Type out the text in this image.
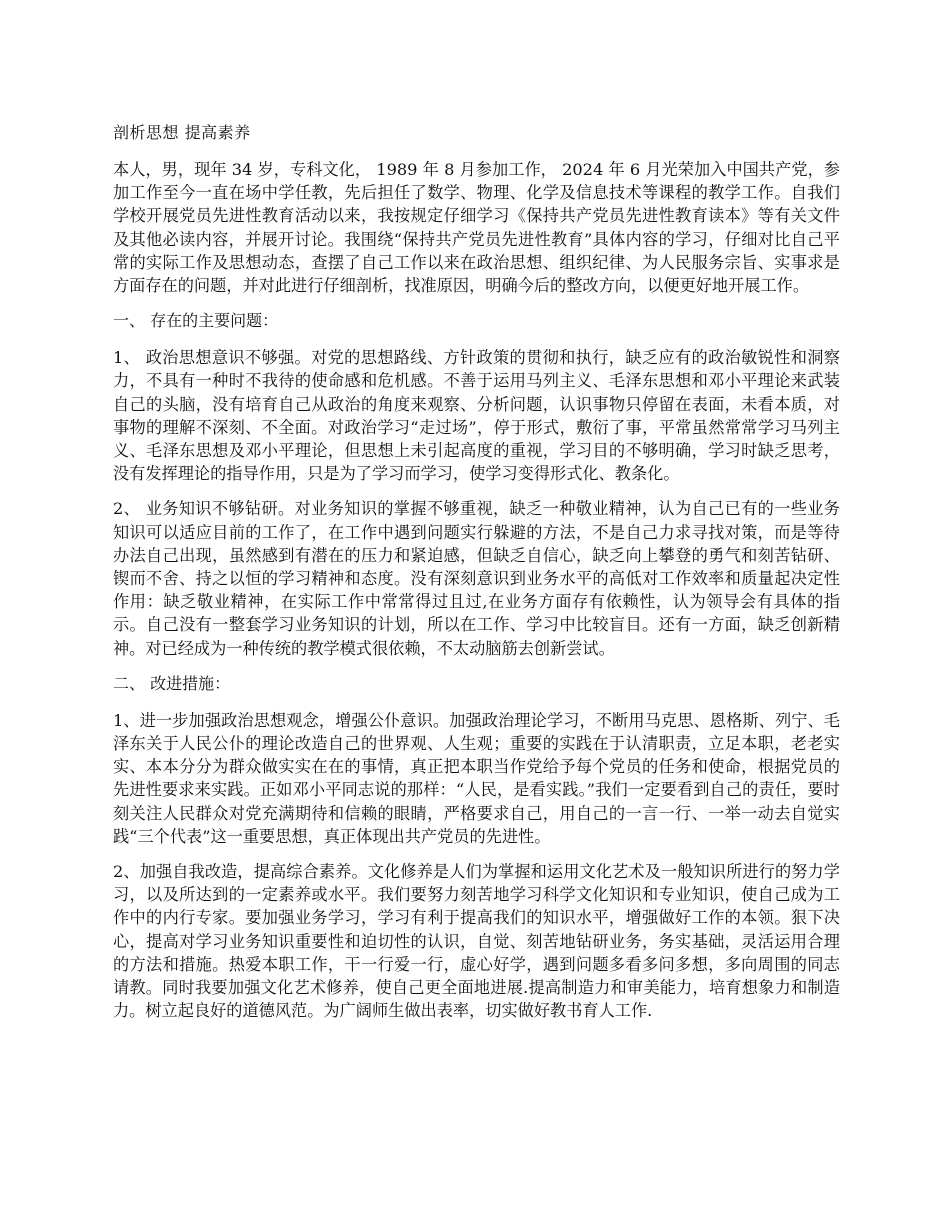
剖析思想 提高素养

本人，男，现年 34 岁，专科文化， 1989 年 8 月参加工作， 2024 年 6 月光荣加入中国共产党，参加工作至今一直在场中学任教，先后担任了数学、物理、化学及信息技术等课程的教学工作。自我们学校开展党员先进性教育活动以来，我按规定仔细学习《保持共产党员先进性教育读本》等有关文件及其他必读内容，并展开讨论。我围绕“保持共产党员先进性教育”具体内容的学习，仔细对比自己平常的实际工作及思想动态，查摆了自己工作以来在政治思想、组织纪律、为人民服务宗旨、实事求是方面存在的问题，并对此进行仔细剖析，找准原因，明确今后的整改方向，以便更好地开展工作。

一、 存在的主要问题：

1、 政治思想意识不够强。对党的思想路线、方针政策的贯彻和执行，缺乏应有的政治敏锐性和洞察力，不具有一种时不我待的使命感和危机感。不善于运用马列主义、毛泽东思想和邓小平理论来武装自己的头脑，没有培育自己从政治的角度来观察、分析问题，认识事物只停留在表面，未看本质，对事物的理解不深刻、不全面。对政治学习“走过场”，停于形式，敷衍了事，平常虽然常常学习马列主义、毛泽东思想及邓小平理论，但思想上未引起高度的重视，学习目的不够明确，学习时缺乏思考，没有发挥理论的指导作用，只是为了学习而学习，使学习变得形式化、教条化。

2、 业务知识不够钻研。对业务知识的掌握不够重视，缺乏一种敬业精神，认为自己已有的一些业务知识可以适应目前的工作了，在工作中遇到问题实行躲避的方法，不是自己力求寻找对策，而是等待办法自己出现，虽然感到有潜在的压力和紧迫感，但缺乏自信心，缺乏向上攀登的勇气和刻苦钻研、锲而不舍、持之以恒的学习精神和态度。没有深刻意识到业务水平的高低对工作效率和质量起决定性作用：缺乏敬业精神，在实际工作中常常得过且过,在业务方面存有依赖性，认为领导会有具体的指示。自己没有一整套学习业务知识的计划，所以在工作、学习中比较盲目。还有一方面，缺乏创新精神。对已经成为一种传统的教学模式很依赖，不太动脑筋去创新尝试。

二、 改进措施：

1、进一步加强政治思想观念，增强公仆意识。加强政治理论学习，不断用马克思、恩格斯、列宁、毛泽东关于人民公仆的理论改造自己的世界观、人生观；重要的实践在于认清职责，立足本职，老老实实、本本分分为群众做实实在在的事情，真正把本职当作党给予每个党员的任务和使命，根据党员的先进性要求来实践。正如邓小平同志说的那样：“人民，是看实践。”我们一定要看到自己的责任，要时刻关注人民群众对党充满期待和信赖的眼睛，严格要求自己，用自己的一言一行、一举一动去自觉实践“三个代表”这一重要思想，真正体现出共产党员的先进性。

2、加强自我改造，提高综合素养。文化修养是人们为掌握和运用文化艺术及一般知识所进行的努力学习，以及所达到的一定素养或水平。我们要努力刻苦地学习科学文化知识和专业知识，使自己成为工作中的内行专家。要加强业务学习，学习有利于提高我们的知识水平，增强做好工作的本领。狠下决心，提高对学习业务知识重要性和迫切性的认识，自觉、刻苦地钻研业务，务实基础，灵活运用合理的方法和措施。热爱本职工作，干一行爱一行，虚心好学，遇到问题多看多问多想，多向周围的同志请教。同时我要加强文化艺术修养，使自己更全面地进展.提高制造力和审美能力，培育想象力和制造力。树立起良好的道德风范。为广阔师生做出表率，切实做好教书育人工作.
